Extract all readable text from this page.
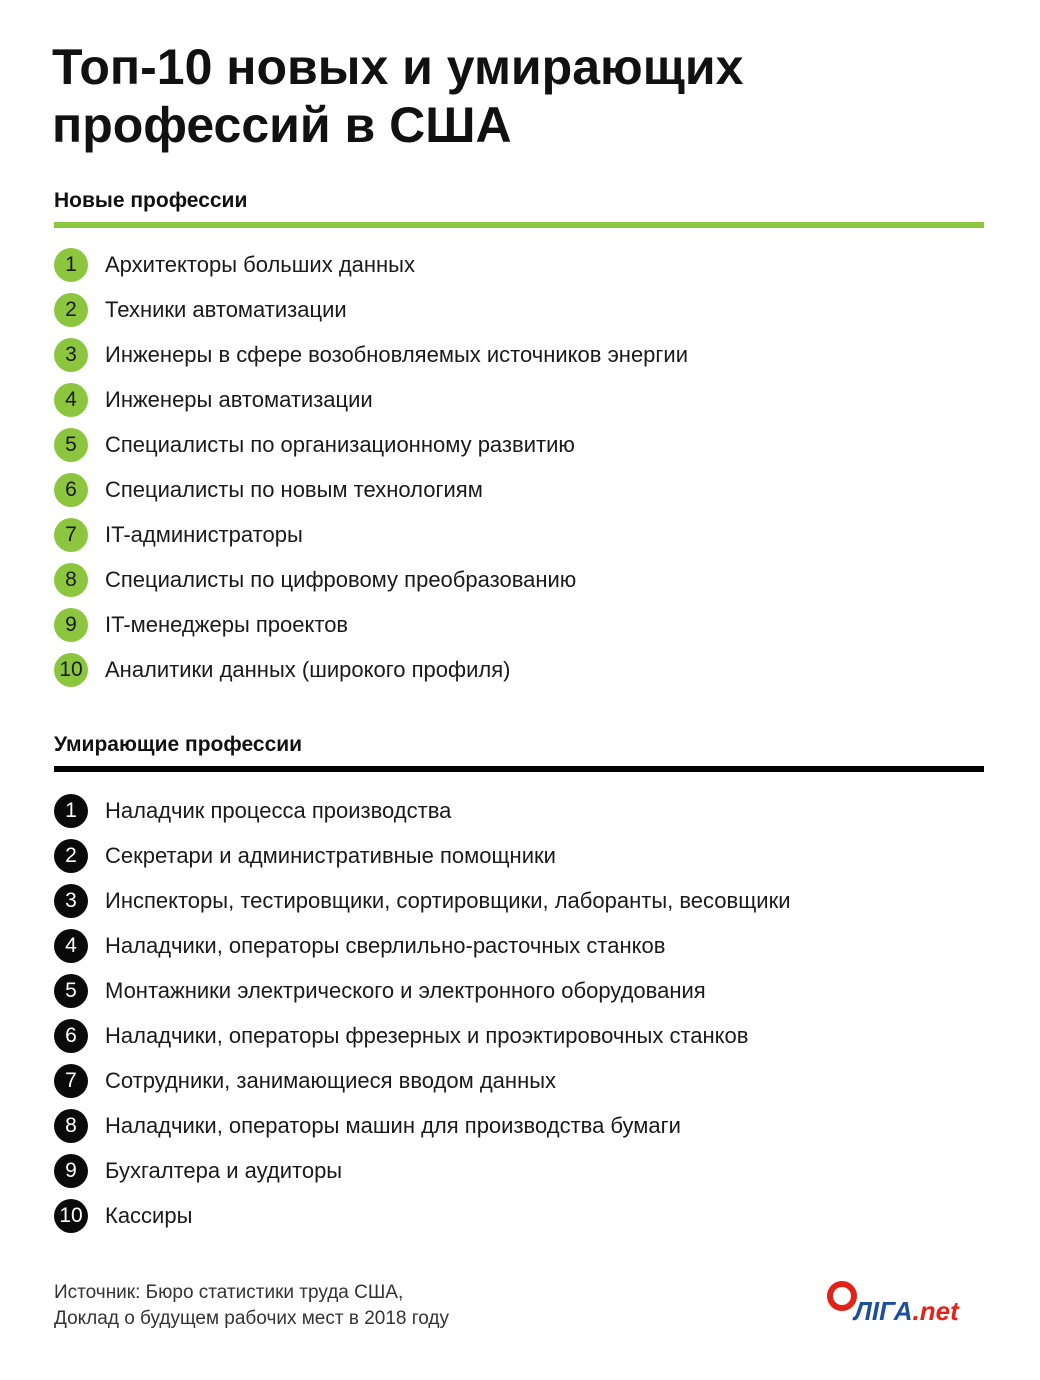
Топ-10 новых и умирающих
профессий в США
Новые профессии
1	Архитекторы больших данных
2	Техники автоматизации
3	Инженеры в сфере возобновляемых источников энергии
4	Инженеры автоматизации
5	Специалисты по организационному развитию
6	Специалисты по новым технологиям
7	IT-администраторы
8	Специалисты по цифровому преобразованию
9	IT-менеджеры проектов
10 Аналитики данных (широкого профиля)
Умирающие профессии
1	Наладчик процесса производства
2	Секретари и административные помощники
3	Инспекторы, тестировщики, сортировщики, лаборанты, весовщики
4	Наладчики, операторы сверлильно-расточных станков
5	Монтажники электрического и электронного оборудования
6	Наладчики, операторы фрезерных и проэктировочных станков
7	Сотрудники, занимающиеся вводом данных
8	Наладчики, операторы машин для производства бумаги
9	Бухгалтера и аудиторы
10 Кассиры
Источник: Бюро статистики труда США,
Доклад о будущем рабочих мест в 2018 году	ЛІГА.net
